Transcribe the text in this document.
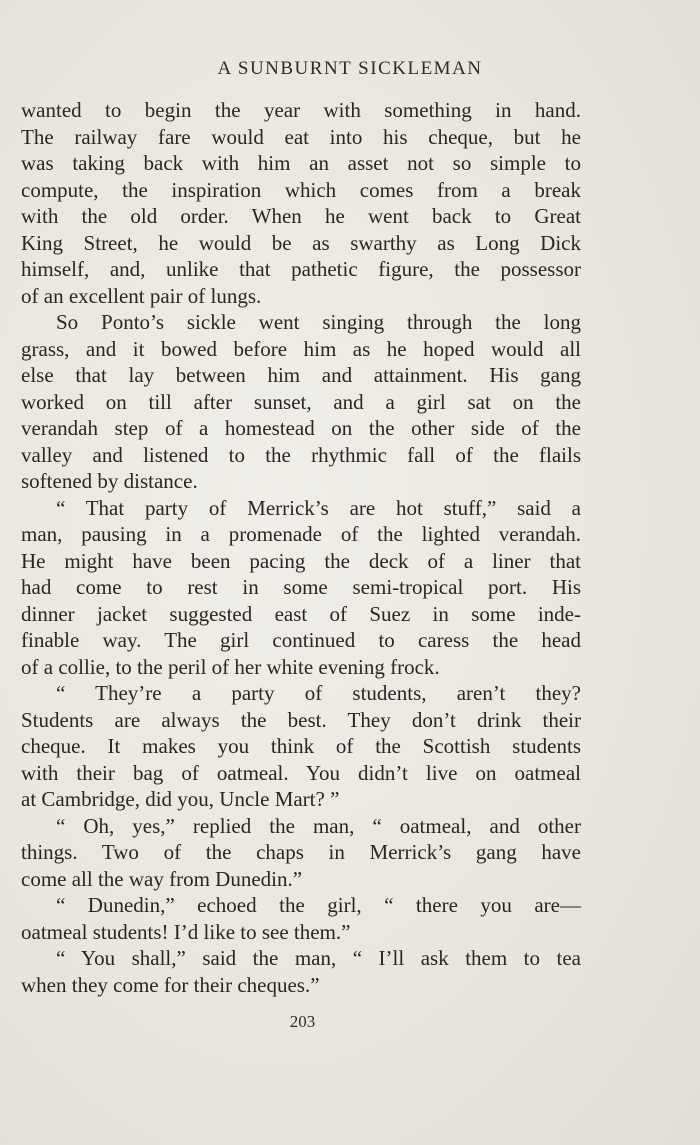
A SUNBURNT SICKLEMAN
wanted to begin the year with something in hand.
The railway fare would eat into his cheque, but he
was taking back with him an asset not so simple to
compute, the inspiration which comes from a break
with the old order. When he went back to Great
King Street, he would be as swarthy as Long Dick
himself, and, unlike that pathetic figure, the possessor
of an excellent pair of lungs.
So Ponto’s sickle went singing through the long
grass, and it bowed before him as he hoped would all
else that lay between him and attainment. His gang
worked on till after sunset, and a girl sat on the
verandah step of a homestead on the other side of the
valley and listened to the rhythmic fall of the flails
softened by distance.
“ That party of Merrick’s are hot stuff,” said a
man, pausing in a promenade of the lighted verandah.
He might have been pacing the deck of a liner that
had come to rest in some semi-tropical port. His
dinner jacket suggested east of Suez in some inde-
finable way. The girl continued to caress the head
of a collie, to the peril of her white evening frock.
“ They’re a party of students, aren’t they?
Students are always the best. They don’t drink their
cheque. It makes you think of the Scottish students
with their bag of oatmeal. You didn’t live on oatmeal
at Cambridge, did you, Uncle Mart? ”
“ Oh, yes,” replied the man, “ oatmeal, and other
things. Two of the chaps in Merrick’s gang have
come all the way from Dunedin.”
“ Dunedin,” echoed the girl, “ there you are—
oatmeal students! I’d like to see them.”
“ You shall,” said the man, “ I’ll ask them to tea
when they come for their cheques.”
203
